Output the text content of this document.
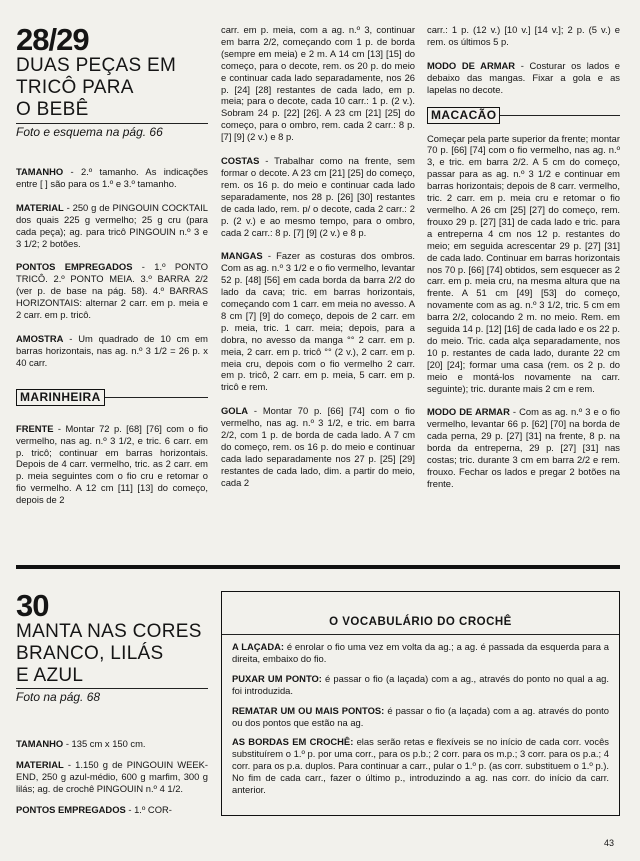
28/29
DUAS PEÇAS EM
TRICÔ PARA
O BEBÊ
Foto e esquema na pág. 66

TAMANHO - 2.º tamanho. As indicações entre [ ] são para os 1.º e 3.º tamanho.

MATERIAL - 250 g de PINGOUIN COCKTAIL dos quais 225 g vermelho; 25 g cru (para cada peça); ag. para tricô PINGOUIN n.º 3 e 3 1/2; 2 botões.

PONTOS EMPREGADOS - 1.º PONTO TRICÔ. 2.º PONTO MEIA. 3.º BARRA 2/2 (ver p. de base na pág. 58). 4.º BARRAS HORIZONTAIS: alternar 2 carr. em p. meia e 2 carr. em p. tricô.

AMOSTRA - Um quadrado de 10 cm em barras horizontais, nas ag. n.º 3 1/2 = 26 p. x 40 carr.

MARINHEIRA

FRENTE - Montar 72 p. [68] [76] com o fio vermelho, nas ag. n.º 3 1/2, e tric. 6 carr. em p. tricô; continuar em barras horizontais. Depois de 4 carr. vermelho, tric. as 2 carr. em p. meia seguintes com o fio cru e retomar o fio vermelho. A 12 cm [11] [13] do começo, depois de 2

carr. em p. meia, com a ag. n.º 3, continuar em barra 2/2, começando com 1 p. de borda (sempre em meia) e 2 m. A 14 cm [13] [15] do começo, para o decote, rem. os 20 p. do meio e continuar cada lado separadamente, nos 26 p. [24] [28] restantes de cada lado, em p. meia; para o decote, cada 10 carr.: 1 p. (2 v.). Sobram 24 p. [22] [26]. A 23 cm [21] [25] do começo, para o ombro, rem. cada 2 carr.: 8 p. [7] [9] (2 v.) e 8 p.

COSTAS - Trabalhar como na frente, sem formar o decote. A 23 cm [21] [25] do começo, rem. os 16 p. do meio e continuar cada lado separadamente, nos 28 p. [26] [30] restantes de cada lado, rem. p/ o decote, cada 2 carr.: 2 p. (2 v.) e ao mesmo tempo, para o ombro, cada 2 carr.: 8 p. [7] [9] (2 v.) e 8 p.

MANGAS - Fazer as costuras dos ombros. Com as ag. n.º 3 1/2 e o fio vermelho, levantar 52 p. [48] [56] em cada borda da barra 2/2 do lado da cava; tric. em barras horizontais, começando com 1 carr. em meia no avesso. A 8 cm [7] [9] do começo, depois de 2 carr. em p. meia, tric. 1 carr. meia; depois, para a dobra, no avesso da manga °° 2 carr. em p. meia, 2 carr. em p. tricô °° (2 v.), 2 carr. em p. meia cru, depois com o fio vermelho 2 carr. em p. tricô, 2 carr. em p. meia, 5 carr. em p. tricô e rem.

GOLA - Montar 70 p. [66] [74] com o fio vermelho, nas ag. n.º 3 1/2, e tric. em barra 2/2, com 1 p. de borda de cada lado. A 7 cm do começo, rem. os 16 p. do meio e continuar cada lado separadamente nos 27 p. [25] [29] restantes de cada lado, dim. a partir do meio, cada 2

carr.: 1 p. (12 v.) [10 v.] [14 v.]; 2 p. (5 v.) e rem. os últimos 5 p.

MODO DE ARMAR - Costurar os lados e debaixo das mangas. Fixar a gola e as lapelas no decote.

MACACÃO

Começar pela parte superior da frente; montar 70 p. [66] [74] com o fio vermelho, nas ag. n.º 3, e tric. em barra 2/2. A 5 cm do começo, passar para as ag. n.º 3 1/2 e continuar em barras horizontais; depois de 8 carr. vermelho, tric. 2 carr. em p. meia cru e retomar o fio vermelho. A 26 cm [25] [27] do começo, rem. frouxo 29 p. [27] [31] de cada lado e tric. para a entreperna 4 cm nos 12 p. restantes do meio; em seguida acrescentar 29 p. [27] [31] de cada lado. Continuar em barras horizontais nos 70 p. [66] [74] obtidos, sem esquecer as 2 carr. em p. meia cru, na mesma altura que na frente. A 51 cm [49] [53] do começo, novamente com as ag. n.º 3 1/2, tric. 5 cm em barra 2/2, colocando 2 m. no meio. Rem. em seguida 14 p. [12] [16] de cada lado e os 22 p. do meio. Tric. cada alça separadamente, nos 10 p. restantes de cada lado, durante 22 cm [20] [24]; formar uma casa (rem. os 2 p. do meio e montá-los novamente na carr. seguinte); tric. durante mais 2 cm e rem.

MODO DE ARMAR - Com as ag. n.º 3 e o fio vermelho, levantar 66 p. [62] [70] na borda de cada perna, 29 p. [27] [31] na frente, 8 p. na borda da entreperna, 29 p. [27] [31] nas costas; tric. durante 3 cm em barra 2/2 e rem. frouxo. Fechar os lados e pregar 2 botões na frente.

30
MANTA NAS CORES
BRANCO, LILÁS
E AZUL
Foto na pág. 68

TAMANHO - 135 cm x 150 cm.

MATERIAL - 1.150 g de PINGOUIN WEEK-END, 250 g azul-médio, 600 g marfim, 300 g lilás; ag. de crochê PINGOUIN n.º 4 1/2.

PONTOS EMPREGADOS - 1.º COR-

O VOCABULÁRIO DO CROCHÊ

A LAÇADA: é enrolar o fio uma vez em volta da ag.; a ag. é passada da esquerda para a direita, embaixo do fio.

PUXAR UM PONTO: é passar o fio (a laçada) com a ag., através do ponto no qual a ag. foi introduzida.

REMATAR UM OU MAIS PONTOS: é passar o fio (a laçada) com a ag. através do ponto ou dos pontos que estão na ag.

AS BORDAS EM CROCHÊ: elas serão retas e flexíveis se no início de cada corr. vocês substituírem o 1.º p. por uma corr., para os p.b.; 2 corr. para os m.p.; 3 corr. para os p.a.; 4 corr. para os p.a. duplos. Para continuar a carr., pular o 1.º p. (as corr. substituem o 1.º p.). No fim de cada carr., fazer o último p., introduzindo a ag. nas corr. do início da carr. anterior.

43
